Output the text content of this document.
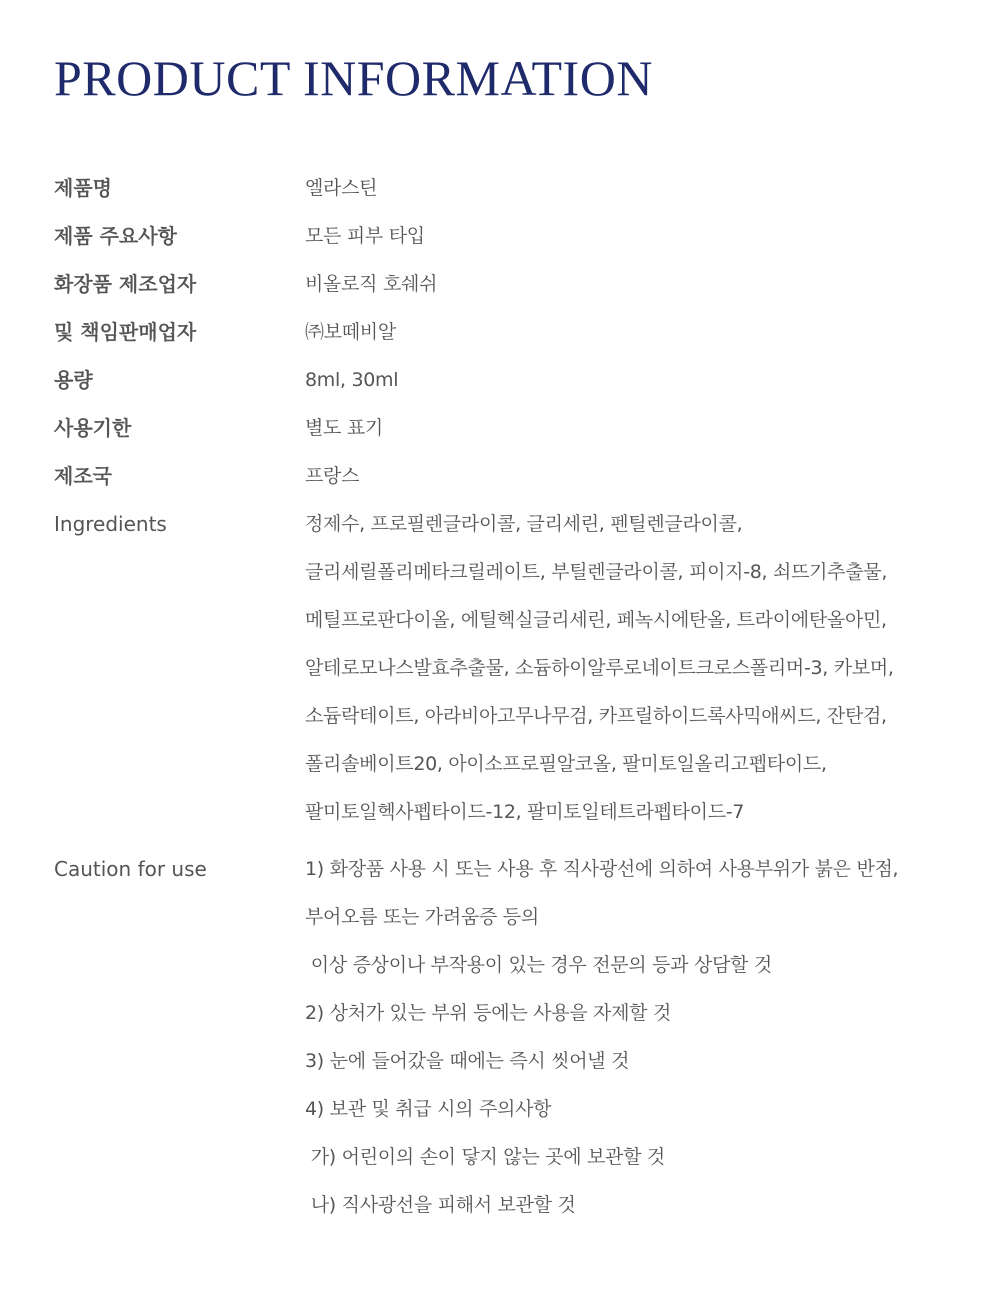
PRODUCT INFORMATION
제품명	엘라스틴
제품 주요사항	모든 피부 타입
화장품 제조업자	비올로직 호쉐쉬
및 책임판매업자	㈜보떼비알
용량	8ml, 30ml
사용기한	별도 표기
제조국	프랑스
Ingredients	정제수, 프로필렌글라이콜, 글리세린, 펜틸렌글라이콜,
글리세릴폴리메타크릴레이트, 부틸렌글라이콜, 피이지-8, 쇠뜨기추출물,
메틸프로판다이올, 에틸헥실글리세린, 페녹시에탄올, 트라이에탄올아민,
알테로모나스발효추출물, 소듐하이알루로네이트크로스폴리머-3, 카보머,
소듐락테이트, 아라비아고무나무검, 카프릴하이드록사믹애씨드, 잔탄검,
폴리솔베이트20, 아이소프로필알코올, 팔미토일올리고펩타이드,
팔미토일헥사펩타이드-12, 팔미토일테트라펩타이드-7
Caution for use	1) 화장품 사용 시 또는 사용 후 직사광선에 의하여 사용부위가 붉은 반점,
부어오름 또는 가려움증 등의
이상 증상이나 부작용이 있는 경우 전문의 등과 상담할 것
2) 상처가 있는 부위 등에는 사용을 자제할 것
3) 눈에 들어갔을 때에는 즉시 씻어낼 것
4) 보관 및 취급 시의 주의사항
가) 어린이의 손이 닿지 않는 곳에 보관할 것
나) 직사광선을 피해서 보관할 것
